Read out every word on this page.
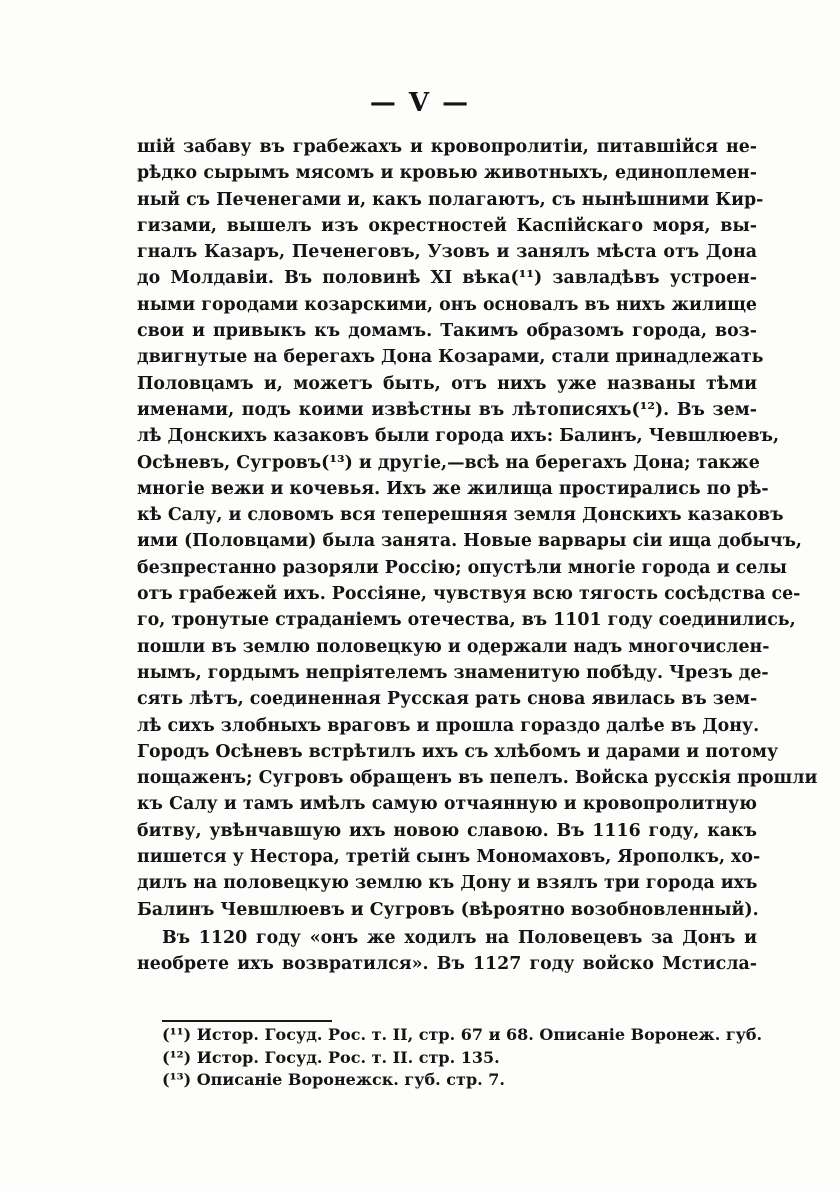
— V —
шій забаву въ грабежахъ и кровопролитіи, питавшійся не-
рѣдко сырымъ мясомъ и кровью животныхъ, единоплемен-
ный съ Печенегами и, какъ полагаютъ, съ нынѣшними Кир-
гизами, вышелъ изъ окрестностей Каспійскаго моря, вы-
гналъ Казаръ, Печенеговъ, Узовъ и занялъ мѣста отъ Дона
до Молдавіи. Въ половинѣ XI вѣка(¹¹) завладѣвъ устроен-
ными городами козарскими, онъ основалъ въ нихъ жилище
свои и привыкъ къ домамъ. Такимъ образомъ города, воз-
двигнутые на берегахъ Дона Козарами, стали принадлежать
Половцамъ и, можетъ быть, отъ нихъ уже названы тѣми
именами, подъ коими извѣстны въ лѣтописяхъ(¹²). Въ зем-
лѣ Донскихъ казаковъ были города ихъ: Балинъ, Чевшлюевъ,
Осѣневъ, Сугровъ(¹³) и другіе,—всѣ на берегахъ Дона; также
многіе вежи и кочевья. Ихъ же жилища простирались по рѣ-
кѣ Салу, и словомъ вся теперешняя земля Донскихъ казаковъ
ими (Половцами) была занята. Новые варвары сіи ища добычъ,
безпрестанно разоряли Россію; опустѣли многіе города и селы
отъ грабежей ихъ. Россіяне, чувствуя всю тягость сосѣдства се-
го, тронутые страданіемъ отечества, въ 1101 году соединились,
пошли въ землю половецкую и одержали надъ многочислен-
нымъ, гордымъ непріятелемъ знаменитую побѣду. Чрезъ де-
сять лѣтъ, соединенная Русская рать снова явилась въ зем-
лѣ сихъ злобныхъ враговъ и прошла гораздо далѣе въ Дону.
Городъ Осѣневъ встрѣтилъ ихъ съ хлѣбомъ и дарами и потому
пощаженъ; Сугровъ обращенъ въ пепелъ. Войска русскія прошли
къ Салу и тамъ имѣлъ самую отчаянную и кровопролитную
битву, увѣнчавшую ихъ новою славою. Въ 1116 году, какъ
пишется у Нестора, третій сынъ Мономаховъ, Ярополкъ, хо-
дилъ на половецкую землю къ Дону и взялъ три города ихъ
Балинъ Чевшлюевъ и Сугровъ (вѣроятно возобновленный).
Въ 1120 году «онъ же ходилъ на Половецевъ за Донъ и
необрете ихъ возвратился». Въ 1127 году войско Мстисла-
(¹¹) Истор. Госуд. Рос. т. II, стр. 67 и 68. Описаніе Воронеж. губ.
(¹²) Истор. Госуд. Рос. т. II. стр. 135.
(¹³) Описаніе Воронежск. губ. стр. 7.
